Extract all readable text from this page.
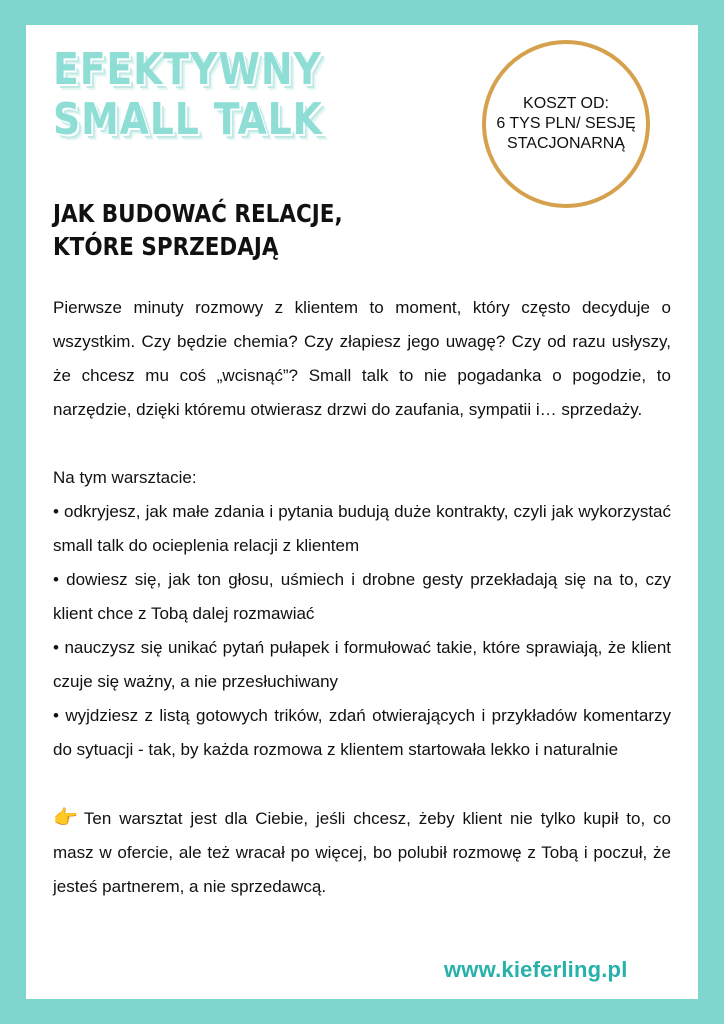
EFEKTYWNY
SMALL TALK
JAK BUDOWAĆ RELACJE,
KTÓRE SPRZEDAJĄ
KOSZT OD:
6 TYS PLN/ SESJĘ
STACJONARNĄ

Pierwsze minuty rozmowy z klientem to moment, który często decyduje o wszystkim. Czy będzie chemia? Czy złapiesz jego uwagę? Czy od razu usłyszy, że chcesz mu coś „wcisnąć”? Small talk to nie pogadanka o pogodzie, to narzędzie, dzięki któremu otwierasz drzwi do zaufania, sympatii i… sprzedaży.

Na tym warsztacie:

• odkryjesz, jak małe zdania i pytania budują duże kontrakty, czyli jak wykorzystać small talk do ocieplenia relacji z klientem
• dowiesz się, jak ton głosu, uśmiech i drobne gesty przekładają się na to, czy klient chce z Tobą dalej rozmawiać
• nauczysz się unikać pytań pułapek i formułować takie, które sprawiają, że klient czuje się ważny, a nie przesłuchiwany
• wyjdziesz z listą gotowych trików, zdań otwierających i przykładów komentarzy do sytuacji - tak, by każda rozmowa z klientem startowała lekko i naturalnie

👉 Ten warsztat jest dla Ciebie, jeśli chcesz, żeby klient nie tylko kupił to, co masz w ofercie, ale też wracał po więcej, bo polubił rozmowę z Tobą i poczuł, że jesteś partnerem, a nie sprzedawcą.

www.kieferling.pl
